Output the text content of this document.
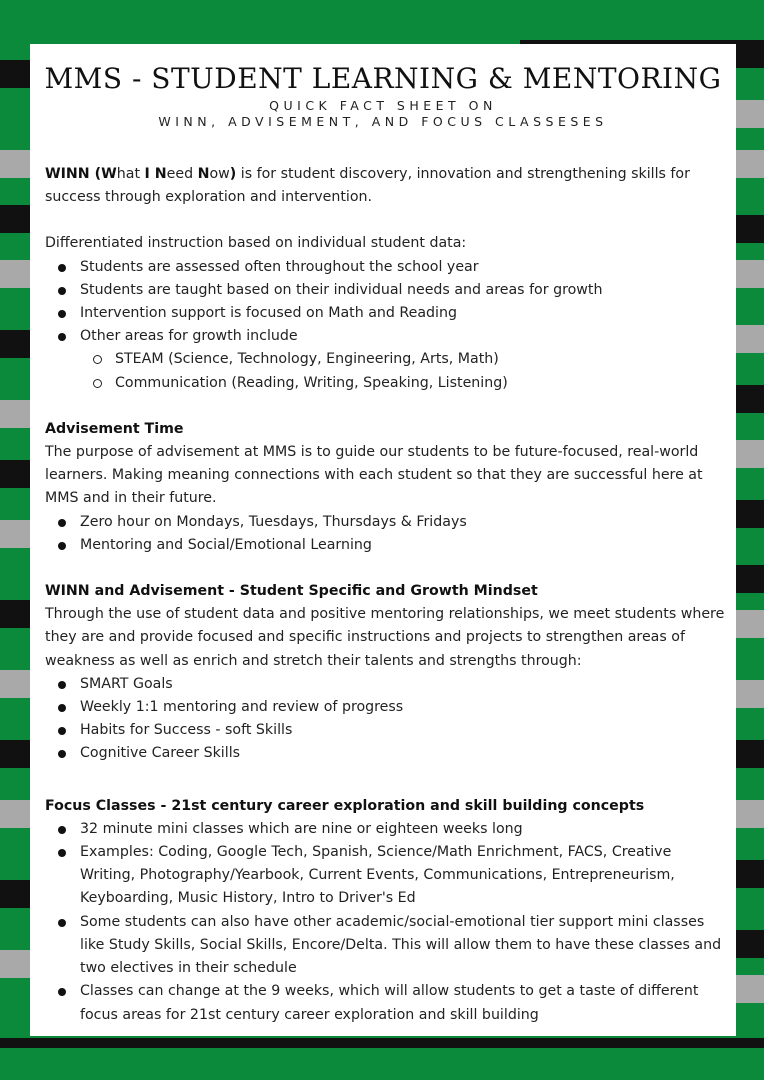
MMS - STUDENT LEARNING & MENTORING
QUICK FACT SHEET ON
WINN, ADVISEMENT, AND FOCUS CLASSESES

WINN (What I Need Now) is for student discovery, innovation and strengthening skills for success through exploration and intervention.

Differentiated instruction based on individual student data:

Students are assessed often throughout the school year
Students are taught based on their individual needs and areas for growth
Intervention support is focused on Math and Reading
Other areas for growth include
STEAM (Science, Technology, Engineering, Arts, Math)
Communication (Reading, Writing, Speaking, Listening)

Advisement Time

The purpose of advisement at MMS is to guide our students to be future-focused, real-world learners. Making meaning connections with each student so that they are successful here at MMS and in their future.

Zero hour on Mondays, Tuesdays, Thursdays & Fridays
Mentoring and Social/Emotional Learning

WINN and Advisement - Student Specific and Growth Mindset

Through the use of student data and positive mentoring relationships, we meet students where they are and provide focused and specific instructions and projects to strengthen areas of weakness as well as enrich and stretch their talents and strengths through:

SMART Goals
Weekly 1:1 mentoring and review of progress
Habits for Success - soft Skills
Cognitive Career Skills

Focus Classes - 21st century career exploration and skill building concepts

32 minute mini classes which are nine or eighteen weeks long
Examples: Coding, Google Tech, Spanish, Science/Math Enrichment, FACS, Creative Writing, Photography/Yearbook, Current Events, Communications, Entrepreneurism, Keyboarding, Music History, Intro to Driver's Ed
Some students can also have other academic/social-emotional tier support mini classes like Study Skills, Social Skills, Encore/Delta. This will allow them to have these classes and two electives in their schedule
Classes can change at the 9 weeks, which will allow students to get a taste of different focus areas for 21st century career exploration and skill building
